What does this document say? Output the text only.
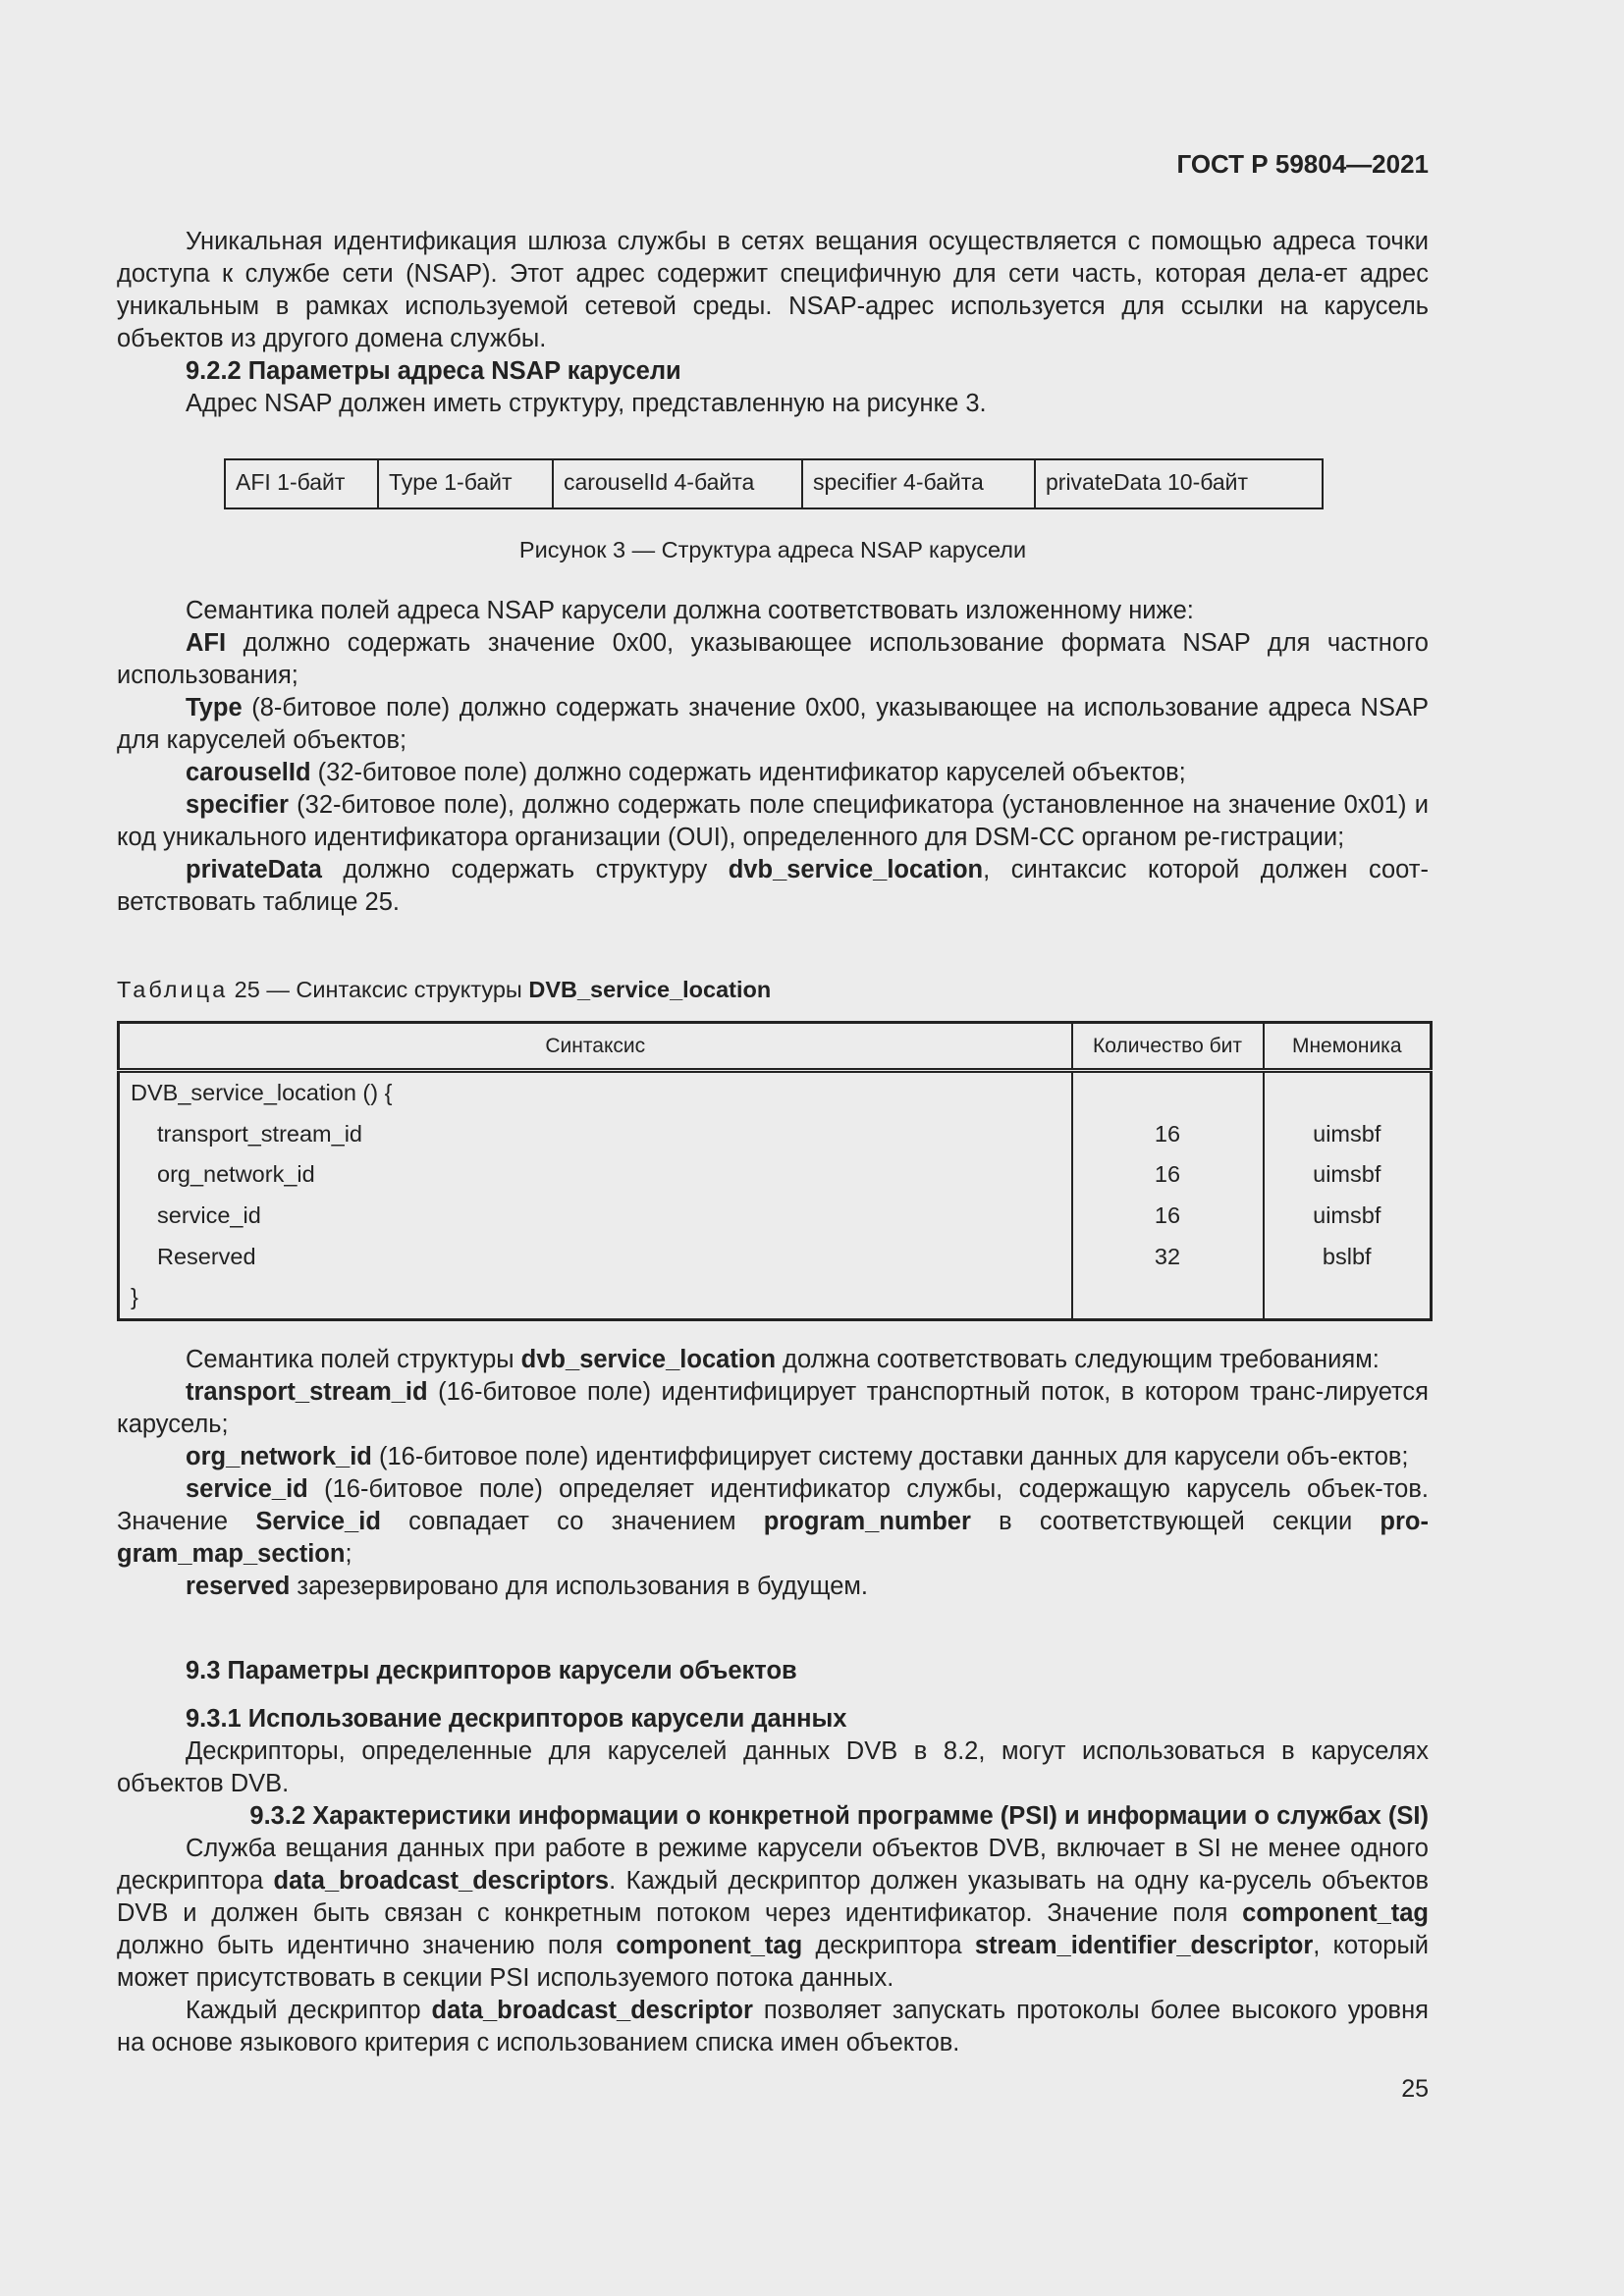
ГОСТ Р 59804—2021

Уникальная идентификация шлюза службы в сетях вещания осуществляется с помощью адреса точки доступа к службе сети (NSAP). Этот адрес содержит специфичную для сети часть, которая дела-ет адрес уникальным в рамках используемой сетевой среды. NSAP-адрес используется для ссылки на карусель объектов из другого домена службы.

9.2.2 Параметры адреса NSAP карусели

Адрес NSAP должен иметь структуру, представленную на рисунке 3.

AFI 1-байт	Type 1-байт	carouselId 4-байта	specifier 4-байта	privateData 10-байт
Рисунок 3 — Структура адреса NSAP карусели

Семантика полей адреса NSAP карусели должна соответствовать изложенному ниже:

AFI должно содержать значение 0x00, указывающее использование формата NSAP для частного использования;

Type (8-битовое поле) должно содержать значение 0x00, указывающее на использование адреса NSAP для каруселей объектов;

carouselId (32-битовое поле) должно содержать идентификатор каруселей объектов;

specifier (32-битовое поле), должно содержать поле спецификатора (установленное на значение 0x01) и код уникального идентификатора организации (OUI), определенного для DSM-CC органом ре-гистрации;

privateData должно содержать структуру dvb_service_location, синтаксис которой должен соот-ветствовать таблице 25.

Таблица 25 — Синтаксис структуры DVB_service_location
Синтаксис	Количество бит	Мнемоника
DVB_service_location () {		
transport_stream_id	16	uimsbf
org_network_id	16	uimsbf
service_id	16	uimsbf
Reserved	32	bslbf
}		

Семантика полей структуры dvb_service_location должна соответствовать следующим требованиям:

transport_stream_id (16-битовое поле) идентифицирует транспортный поток, в котором транс-лируется карусель;

org_network_id (16-битовое поле) идентиффицирует систему доставки данных для карусели объ-ектов;

service_id (16-битовое поле) определяет идентификатор службы, содержащую карусель объек-тов. Значение Service_id совпадает со значением program_number в соответствующей секции pro-gram_map_section;

reserved зарезервировано для использования в будущем.

9.3 Параметры дескрипторов карусели объектов

9.3.1 Использование дескрипторов карусели данных

Дескрипторы, определенные для каруселей данных DVB в 8.2, могут использоваться в каруселях объектов DVB.

9.3.2 Характеристики информации о конкретной программе (PSI) и информации о службах (SI)

Служба вещания данных при работе в режиме карусели объектов DVB, включает в SI не менее одного дескриптора data_broadcast_descriptors. Каждый дескриптор должен указывать на одну ка-русель объектов DVB и должен быть связан с конкретным потоком через идентификатор. Значение поля component_tag должно быть идентично значению поля component_tag дескриптора stream_identifier_descriptor, который может присутствовать в секции PSI используемого потока данных.

Каждый дескриптор data_broadcast_descriptor позволяет запускать протоколы более высокого уровня на основе языкового критерия с использованием списка имен объектов.

25
